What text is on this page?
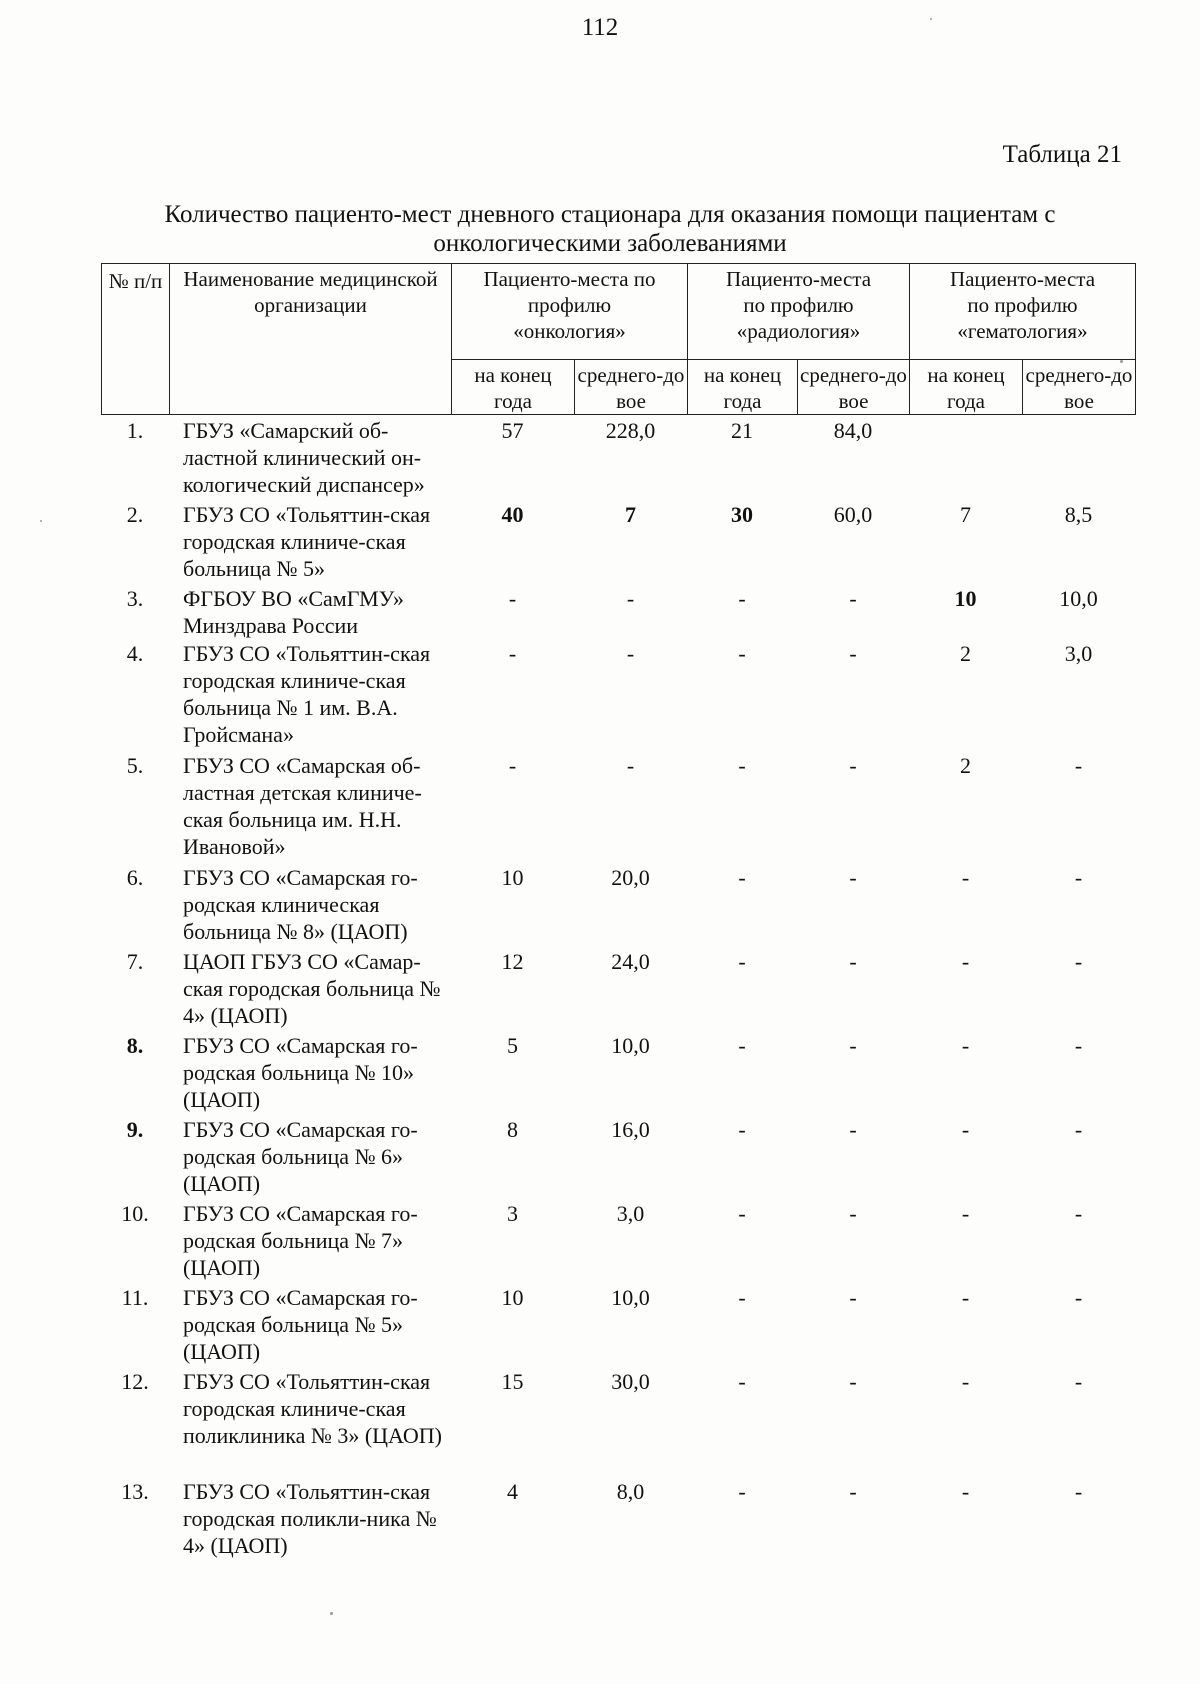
112
Таблица 21
Количество пациенто-мест дневного стационара для оказания помощи пациентам с онкологическими заболеваниями
№ п/п	Наименование медицинской организации	Пациенто-места по профилю «онкология»		Пациенто-места по профилю «радиология»		Пациенто-места по профилю «гематология»	
		на конец года	среднего-довое	на конец года	среднего-довое	на конец года	среднего-довое
1.	ГБУЗ «Самарский об-ластной клинический он-кологический диспансер»	57	228,0	21	84,0		
2.	ГБУЗ СО «Тольяттин-ская городская клиниче-ская больница № 5»	40	7	30	60,0	7	8,5
3.	ФГБОУ ВО «СамГМУ» Минздрава России	-	-	-	-	10	10,0
4.	ГБУЗ СО «Тольяттин-ская городская клиниче-ская больница № 1 им. В.А. Гройсмана»	-	-	-	-	2	3,0
5.	ГБУЗ СО «Самарская об-ластная детская клиниче-ская больница им. Н.Н. Ивановой»	-	-	-	-	2	-
6.	ГБУЗ СО «Самарская го-родская клиническая больница № 8» (ЦАОП)	10	20,0	-	-	-	-
7.	ЦАОП ГБУЗ СО «Самар-ская городская больница № 4» (ЦАОП)	12	24,0	-	-	-	-
8.	ГБУЗ СО «Самарская го-родская больница № 10» (ЦАОП)	5	10,0	-	-	-	-
9.	ГБУЗ СО «Самарская го-родская больница № 6» (ЦАОП)	8	16,0	-	-	-	-
10.	ГБУЗ СО «Самарская го-родская больница № 7» (ЦАОП)	3	3,0	-	-	-	-
11.	ГБУЗ СО «Самарская го-родская больница № 5» (ЦАОП)	10	10,0	-	-	-	-
12.	ГБУЗ СО «Тольяттин-ская городская клиниче-ская поликлиника № 3» (ЦАОП)	15	30,0	-	-	-	-
13.	ГБУЗ СО «Тольяттин-ская городская поликли-ника № 4» (ЦАОП)	4	8,0	-	-	-	-
